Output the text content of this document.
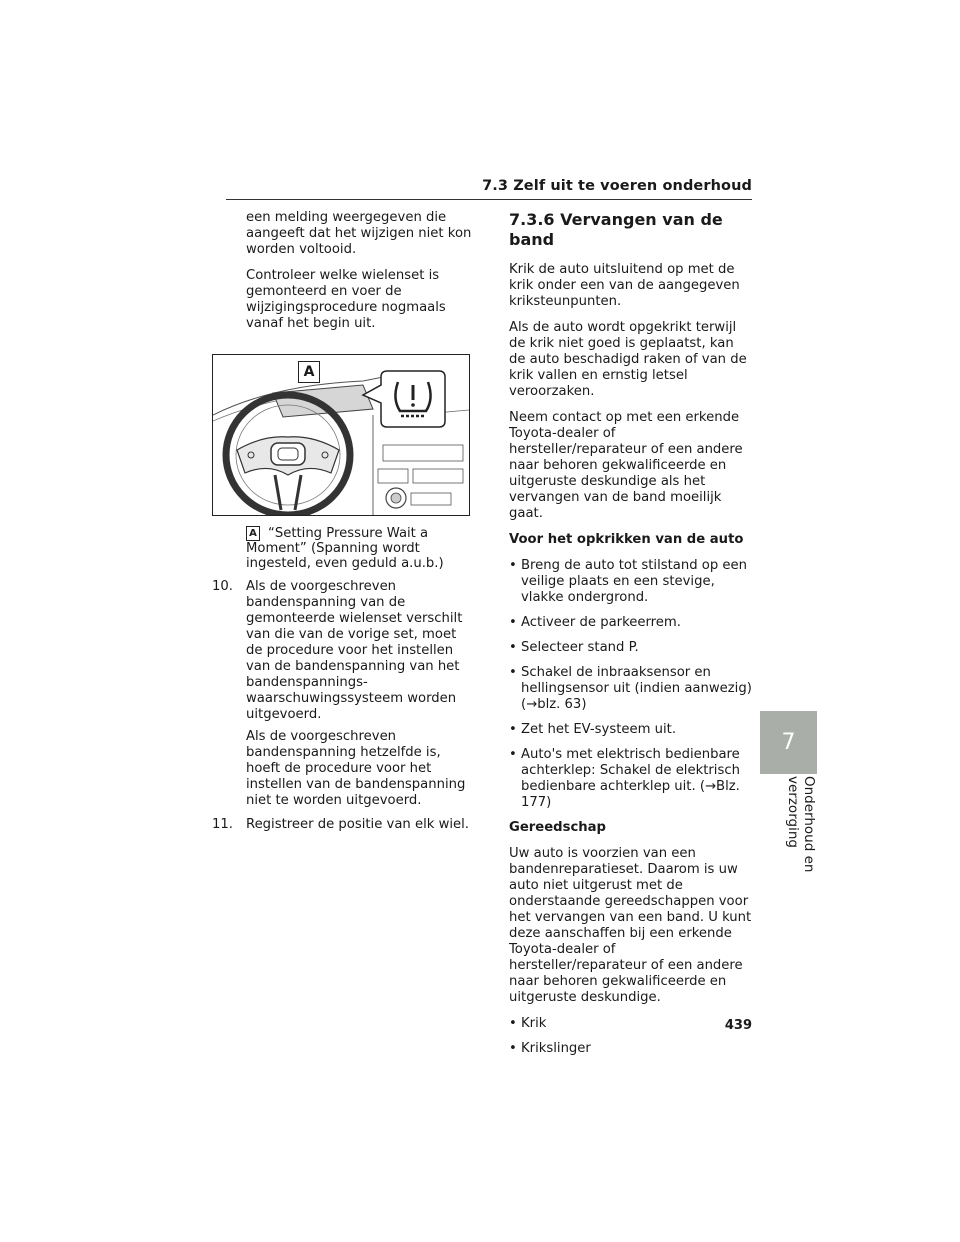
7.3 Zelf uit te voeren onderhoud
7
Onderhoud en verzorging
439

een melding weergegeven die aangeeft dat het wijzigen niet kon worden voltooid.

Controleer welke wielenset is gemonteerd en voer de wijzigingsprocedure nogmaals vanaf het begin uit.

A
A “Setting Pressure Wait a Moment” (Spanning wordt ingesteld, even geduld a.u.b.)
10. Als de voorgeschreven bandenspanning van de gemonteerde wielenset verschilt van die van de vorige set, moet de procedure voor het instellen van de bandenspanning van het bandenspanningswaarschuwingssysteem worden uitgevoerd.

Als de voorgeschreven bandenspanning hetzelfde is, hoeft de procedure voor het instellen van de bandenspanning niet te worden uitgevoerd.

11. Registreer de positie van elk wiel.

7.3.6 Vervangen van de band

Krik de auto uitsluitend op met de krik onder een van de aangegeven kriksteunpunten.

Als de auto wordt opgekrikt terwijl de krik niet goed is geplaatst, kan de auto beschadigd raken of van de krik vallen en ernstig letsel veroorzaken.

Neem contact op met een erkende Toyota-dealer of hersteller/reparateur of een andere naar behoren gekwalificeerde en uitgeruste deskundige als het vervangen van de band moeilijk gaat.

Voor het opkrikken van de auto
• Breng de auto tot stilstand op een veilige plaats en een stevige, vlakke ondergrond.
• Activeer de parkeerrem.
• Selecteer stand P.
• Schakel de inbraaksensor en hellingsensor uit (indien aanwezig) (→blz. 63)
• Zet het EV-systeem uit.
• Auto's met elektrisch bedienbare achterklep: Schakel de elektrisch bedienbare achterklep uit. (→Blz. 177)
Gereedschap

Uw auto is voorzien van een bandenreparatieset. Daarom is uw auto niet uitgerust met de onderstaande gereedschappen voor het vervangen van een band. U kunt deze aanschaffen bij een erkende Toyota-dealer of hersteller/reparateur of een andere naar behoren gekwalificeerde en uitgeruste deskundige.

• Krik
• Krikslinger
